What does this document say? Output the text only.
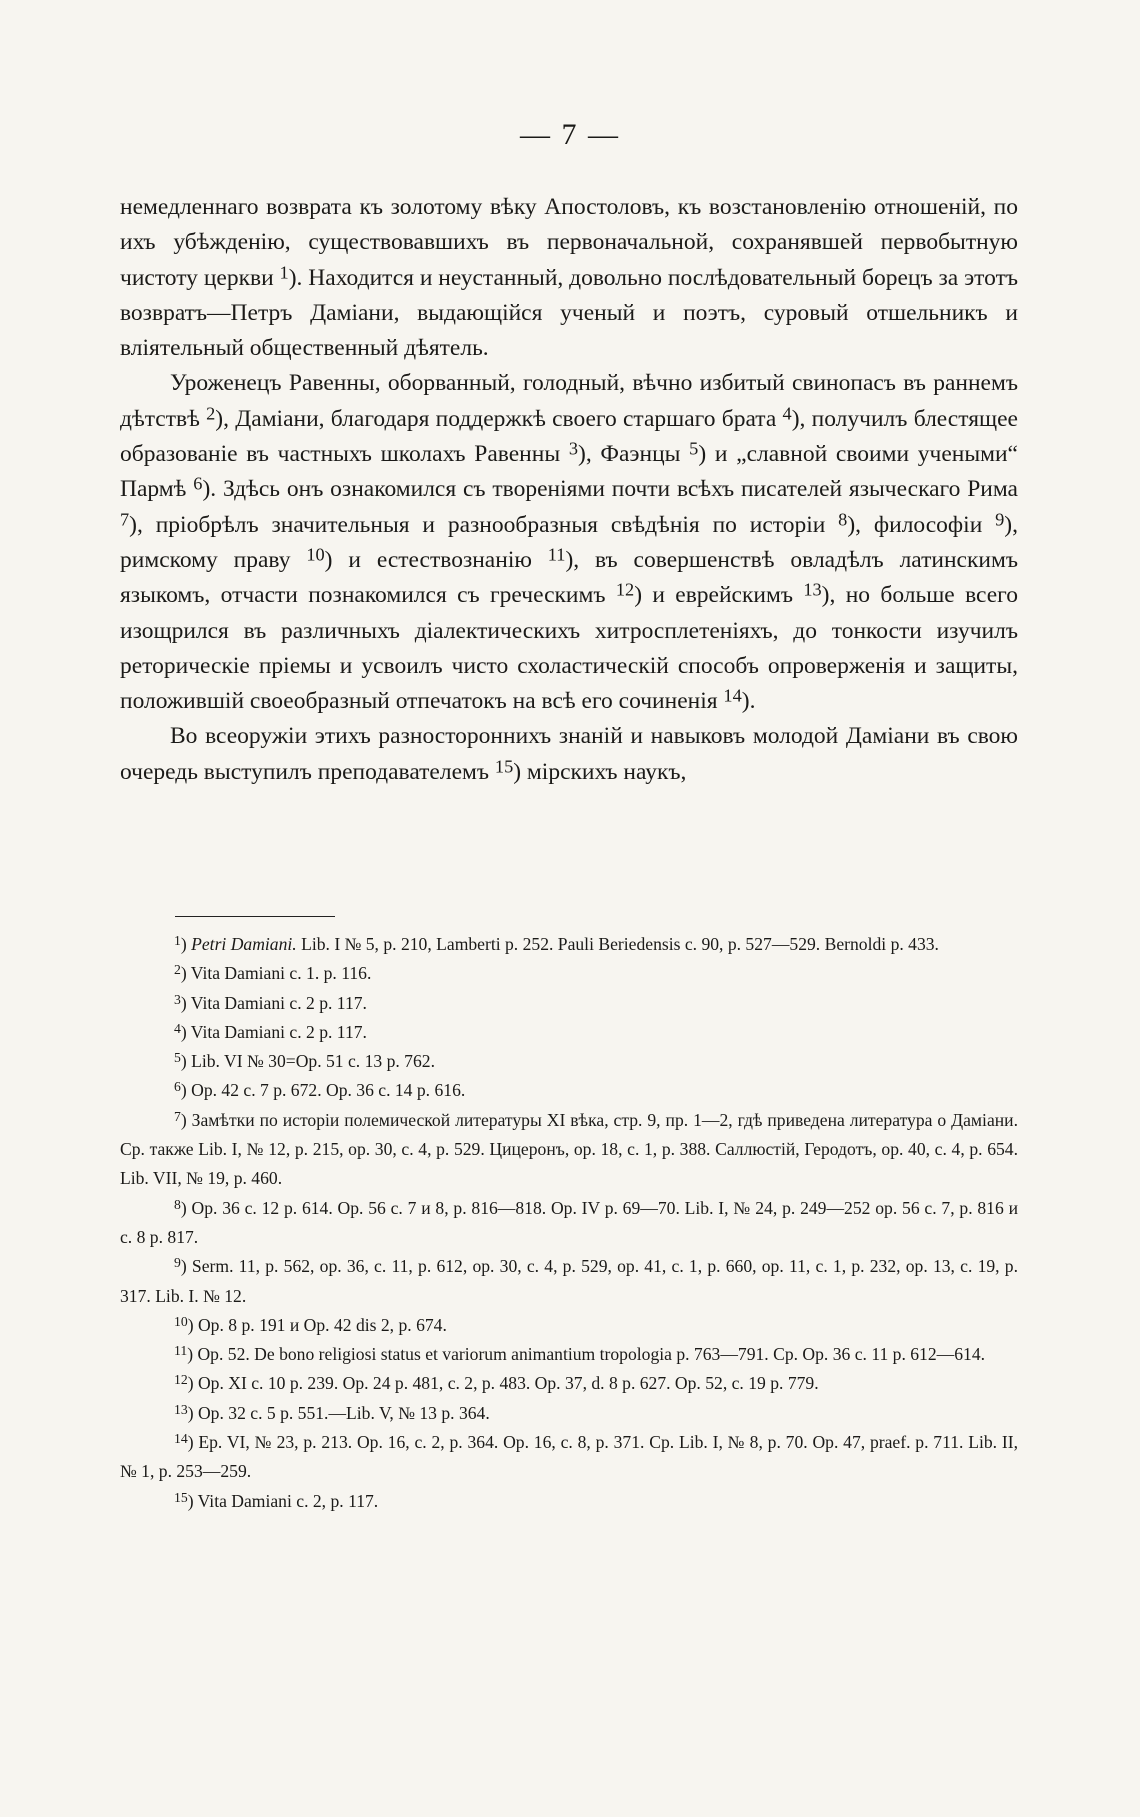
— 7 —

немедленнаго возврата къ золотому вѣку Апостоловъ, къ возстановленію отношеній, по ихъ убѣжденію, существовавшихъ въ первоначальной, сохранявшей первобытную чистоту церкви $^1$). Находится и неустанный, довольно послѣдовательный борецъ за этотъ возвратъ—Петръ Даміани, выдающійся ученый и поэтъ, суровый отшельникъ и вліятельный общественный дѣятель.

Уроженецъ Равенны, оборванный, голодный, вѣчно избитый свинопасъ въ раннемъ дѣтствѣ $^2$), Даміани, благодаря поддержкѣ своего старшаго брата $^4$), получилъ блестящее образованіе въ частныхъ школахъ Равенны $^3$), Фаэнцы $^5$) и „славной своими учеными“ Пармѣ $^6$). Здѣсь онъ ознакомился съ твореніями почти всѣхъ писателей языческаго Рима $^7$), пріобрѣлъ значительныя и разнообразныя свѣдѣнія по исторіи $^8$), философіи $^9$), римскому праву $^{10}$) и естествознанію $^{11}$), въ совершенствѣ овладѣлъ латинскимъ языкомъ, отчасти познакомился съ греческимъ $^{12}$) и еврейскимъ $^{13}$), но больше всего изощрился въ различныхъ діалектическихъ хитросплетеніяхъ, до тонкости изучилъ реторическіе пріемы и усвоилъ чисто схоластическій способъ опроверженія и защиты, положившій своеобразный отпечатокъ на всѣ его сочиненія $^{14}$).

Во всеоружіи этихъ разностороннихъ знаній и навыковъ молодой Даміани въ свою очередь выступилъ преподавателемъ $^{15}$) мірскихъ наукъ,

$^1$) Petri Damiani. Lib. I № 5, p. 210, Lamberti p. 252. Pauli Beriedensis c. 90, p. 527—529. Bernoldi p. 433.

$^2$) Vita Damiani c. 1. p. 116.

$^3$) Vita Damiani c. 2 p. 117.

$^4$) Vita Damiani c. 2 p. 117.

$^5$) Lib. VI № 30=Op. 51 c. 13 p. 762.

$^6$) Op. 42 c. 7 p. 672. Op. 36 c. 14 p. 616.

$^7$) Замѣтки по исторіи полемической литературы XI вѣка, стр. 9, пр. 1—2, гдѣ приведена литература о Даміани. Ср. также Lib. I, № 12, p. 215, op. 30, c. 4, p. 529. Цицеронъ, op. 18, c. 1, p. 388. Саллюстій, Геродотъ, op. 40, c. 4, p. 654. Lib. VII, № 19, p. 460.

$^8$) Op. 36 c. 12 p. 614. Op. 56 c. 7 и 8, p. 816—818. Op. IV p. 69—70. Lib. I, № 24, p. 249—252 op. 56 c. 7, p. 816 и c. 8 p. 817.

$^9$) Serm. 11, p. 562, op. 36, c. 11, p. 612, op. 30, c. 4, p. 529, op. 41, c. 1, p. 660, op. 11, c. 1, p. 232, op. 13, c. 19, p. 317. Lib. I. № 12.

$^{10}$) Op. 8 p. 191 и Op. 42 dis 2, p. 674.

$^{11}$) Op. 52. De bono religiosi status et variorum animantium tropologia p. 763—791. Cp. Op. 36 c. 11 p. 612—614.

$^{12}$) Op. XI c. 10 p. 239. Op. 24 p. 481, c. 2, p. 483. Op. 37, d. 8 p. 627. Op. 52, c. 19 p. 779.

$^{13}$) Op. 32 c. 5 p. 551.—Lib. V, № 13 p. 364.

$^{14}$) Ep. VI, № 23, p. 213. Op. 16, c. 2, p. 364. Op. 16, c. 8, p. 371. Cp. Lib. I, № 8, p. 70. Op. 47, praef. p. 711. Lib. II, № 1, p. 253—259.

$^{15}$) Vita Damiani c. 2, p. 117.
